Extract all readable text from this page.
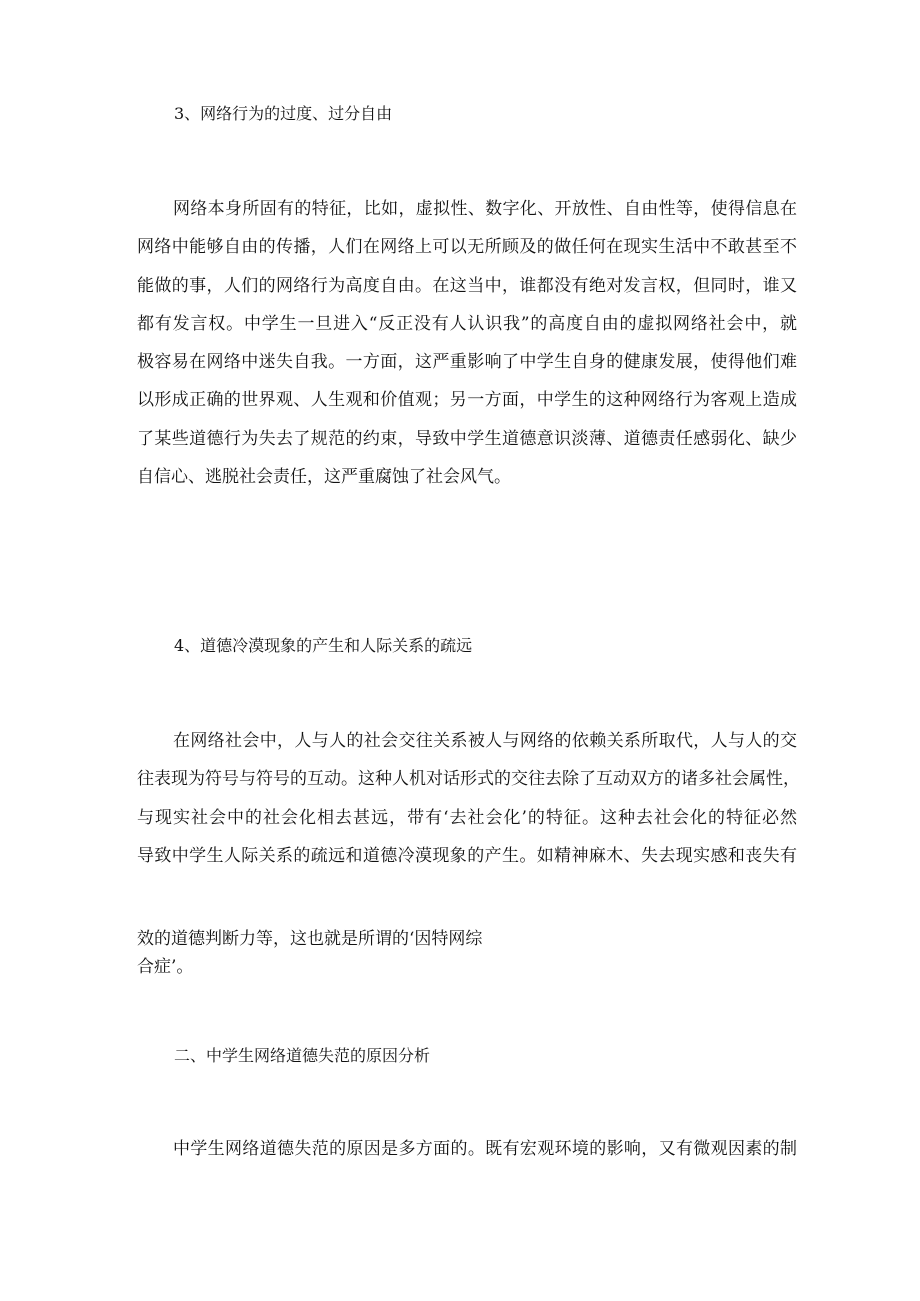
3、网络行为的过度、过分自由
网络本身所固有的特征，比如，虚拟性、数字化、开放性、自由性等，使得信息在
网络中能够自由的传播，人们在网络上可以无所顾及的做任何在现实生活中不敢甚至不
能做的事，人们的网络行为高度自由。在这当中，谁都没有绝对发言权，但同时，谁又
都有发言权。中学生一旦进入“反正没有人认识我”的高度自由的虚拟网络社会中，就
极容易在网络中迷失自我。一方面，这严重影响了中学生自身的健康发展，使得他们难
以形成正确的世界观、人生观和价值观；另一方面，中学生的这种网络行为客观上造成
了某些道德行为失去了规范的约束，导致中学生道德意识淡薄、道德责任感弱化、缺少
自信心、逃脱社会责任，这严重腐蚀了社会风气。
4、道德冷漠现象的产生和人际关系的疏远
在网络社会中，人与人的社会交往关系被人与网络的依赖关系所取代，人与人的交
往表现为符号与符号的互动。这种人机对话形式的交往去除了互动双方的诸多社会属性，
与现实社会中的社会化相去甚远，带有‘去社会化’的特征。这种去社会化的特征必然
导致中学生人际关系的疏远和道德冷漠现象的产生。如精神麻木、失去现实感和丧失有
效的道德判断力等，这也就是所谓的‘因特网综
合症’。
二、中学生网络道德失范的原因分析
中学生网络道德失范的原因是多方面的。既有宏观环境的影响，又有微观因素的制
